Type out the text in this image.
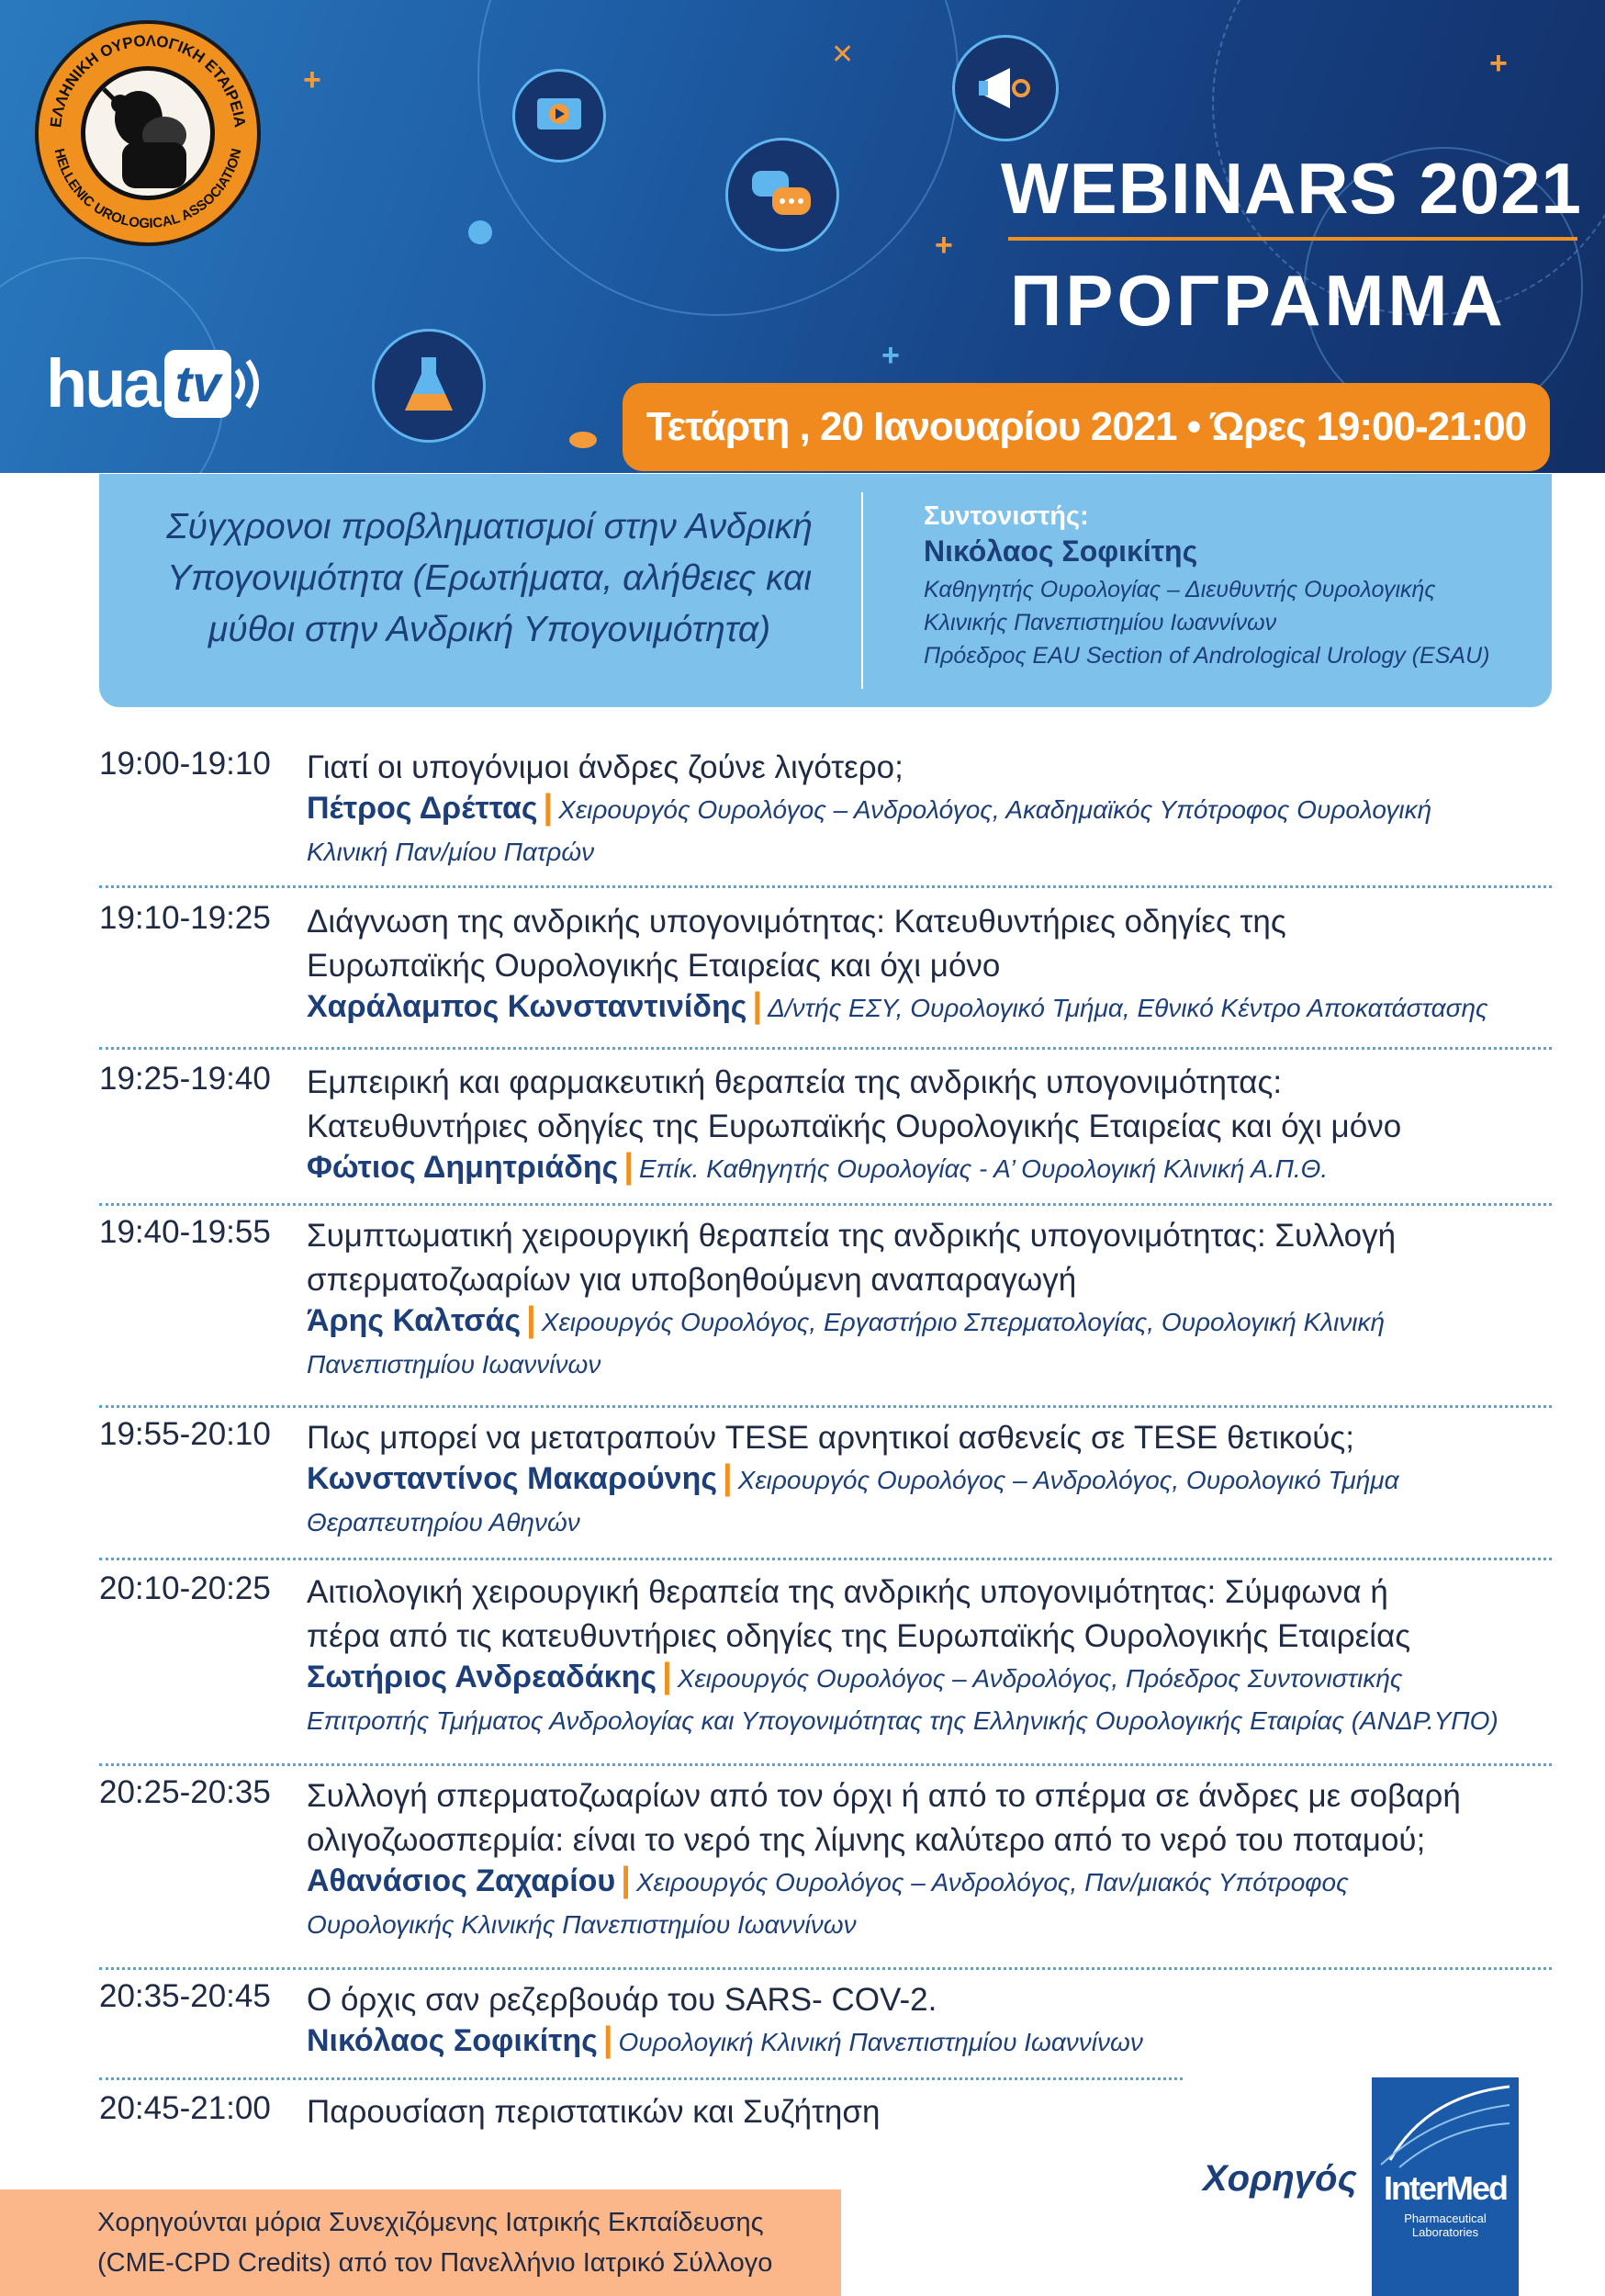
+	+
+
+
✕
ΕΛΛΗΝΙΚΗ ΟΥΡΟΛΟΓΙΚΗ ΕΤΑΙΡΕΙΑ
HELLENIC UROLOGICAL ASSOCIATION
hua tv
WEBINARS 2021
ΠΡΟΓΡΑΜΜΑ
Τετάρτη , 20 Ιανουαρίου 2021 • Ώρες 19:00-21:00
Σύγχρονοι προβληματισμοί στην Ανδρική
Υπογονιμότητα (Ερωτήματα, αλήθειες και
μύθοι στην Ανδρική Υπογονιμότητα)
Συντονιστής:
Νικόλαος Σοφικίτης
Καθηγητής Ουρολογίας – Διευθυντής Ουρολογικής
Κλινικής Πανεπιστημίου Ιωαννίνων
Πρόεδρος EAU Section of Andrological Urology (ESAU)
19:00-19:10 Γιατί οι υπογόνιμοι άνδρες ζούνε λιγότερο;
Πέτρος Δρέττας | Χειρουργός Ουρολόγος – Ανδρολόγος, Ακαδημαϊκός Υπότροφος Ουρολογική
Κλινική Παν/μίου Πατρών
19:10-19:25 Διάγνωση της ανδρικής υπογονιμότητας: Κατευθυντήριες οδηγίες της
Ευρωπαϊκής Ουρολογικής Εταιρείας και όχι μόνο
Χαράλαμπος Κωνσταντινίδης | Δ/ντής ΕΣΥ, Ουρολογικό Τμήμα, Εθνικό Κέντρο Αποκατάστασης
19:25-19:40 Εμπειρική και φαρμακευτική θεραπεία της ανδρικής υπογονιμότητας:
Κατευθυντήριες οδηγίες της Ευρωπαϊκής Ουρολογικής Εταιρείας και όχι μόνο
Φώτιος Δημητριάδης | Επίκ. Καθηγητής Ουρολογίας - Α’ Ουρολογική Κλινική Α.Π.Θ.
19:40-19:55 Συμπτωματική χειρουργική θεραπεία της ανδρικής υπογονιμότητας: Συλλογή
σπερματοζωαρίων για υποβοηθούμενη αναπαραγωγή
Άρης Καλτσάς | Χειρουργός Ουρολόγος, Εργαστήριο Σπερματολογίας, Ουρολογική Κλινική
Πανεπιστημίου Ιωαννίνων
19:55-20:10 Πως μπορεί να μετατραπούν TESE αρνητικοί ασθενείς σε TESE θετικούς;
Κωνσταντίνος Μακαρούνης | Χειρουργός Ουρολόγος – Ανδρολόγος, Ουρολογικό Τμήμα
Θεραπευτηρίου Αθηνών
20:10-20:25 Αιτιολογική χειρουργική θεραπεία της ανδρικής υπογονιμότητας: Σύμφωνα ή
πέρα από τις κατευθυντήριες οδηγίες της Ευρωπαϊκής Ουρολογικής Εταιρείας
Σωτήριος Ανδρεαδάκης | Χειρουργός Ουρολόγος – Ανδρολόγος, Πρόεδρος Συντονιστικής
Επιτροπής Τμήματος Ανδρολογίας και Υπογονιμότητας της Ελληνικής Ουρολογικής Εταιρίας (ΑΝΔΡ.ΥΠΟ)
20:25-20:35 Συλλογή σπερματοζωαρίων από τον όρχι ή από το σπέρμα σε άνδρες με σοβαρή
ολιγοζωοσπερμία: είναι το νερό της λίμνης καλύτερο από το νερό του ποταμού;
Αθανάσιος Ζαχαρίου | Χειρουργός Ουρολόγος – Ανδρολόγος, Παν/μιακός Υπότροφος
Ουρολογικής Κλινικής Πανεπιστημίου Ιωαννίνων
20:35-20:45 Ο όρχις σαν ρεζερβουάρ του SARS- COV-2.
Νικόλαος Σοφικίτης | Ουρολογική Κλινική Πανεπιστημίου Ιωαννίνων
20:45-21:00 Παρουσίαση περιστατικών και Συζήτηση
Χορηγούνται μόρια Συνεχιζόμενης Ιατρικής Εκπαίδευσης
(CME-CPD Credits) από τον Πανελλήνιο Ιατρικό Σύλλογο
Χορηγός InterMed
Pharmaceutical Laboratories
